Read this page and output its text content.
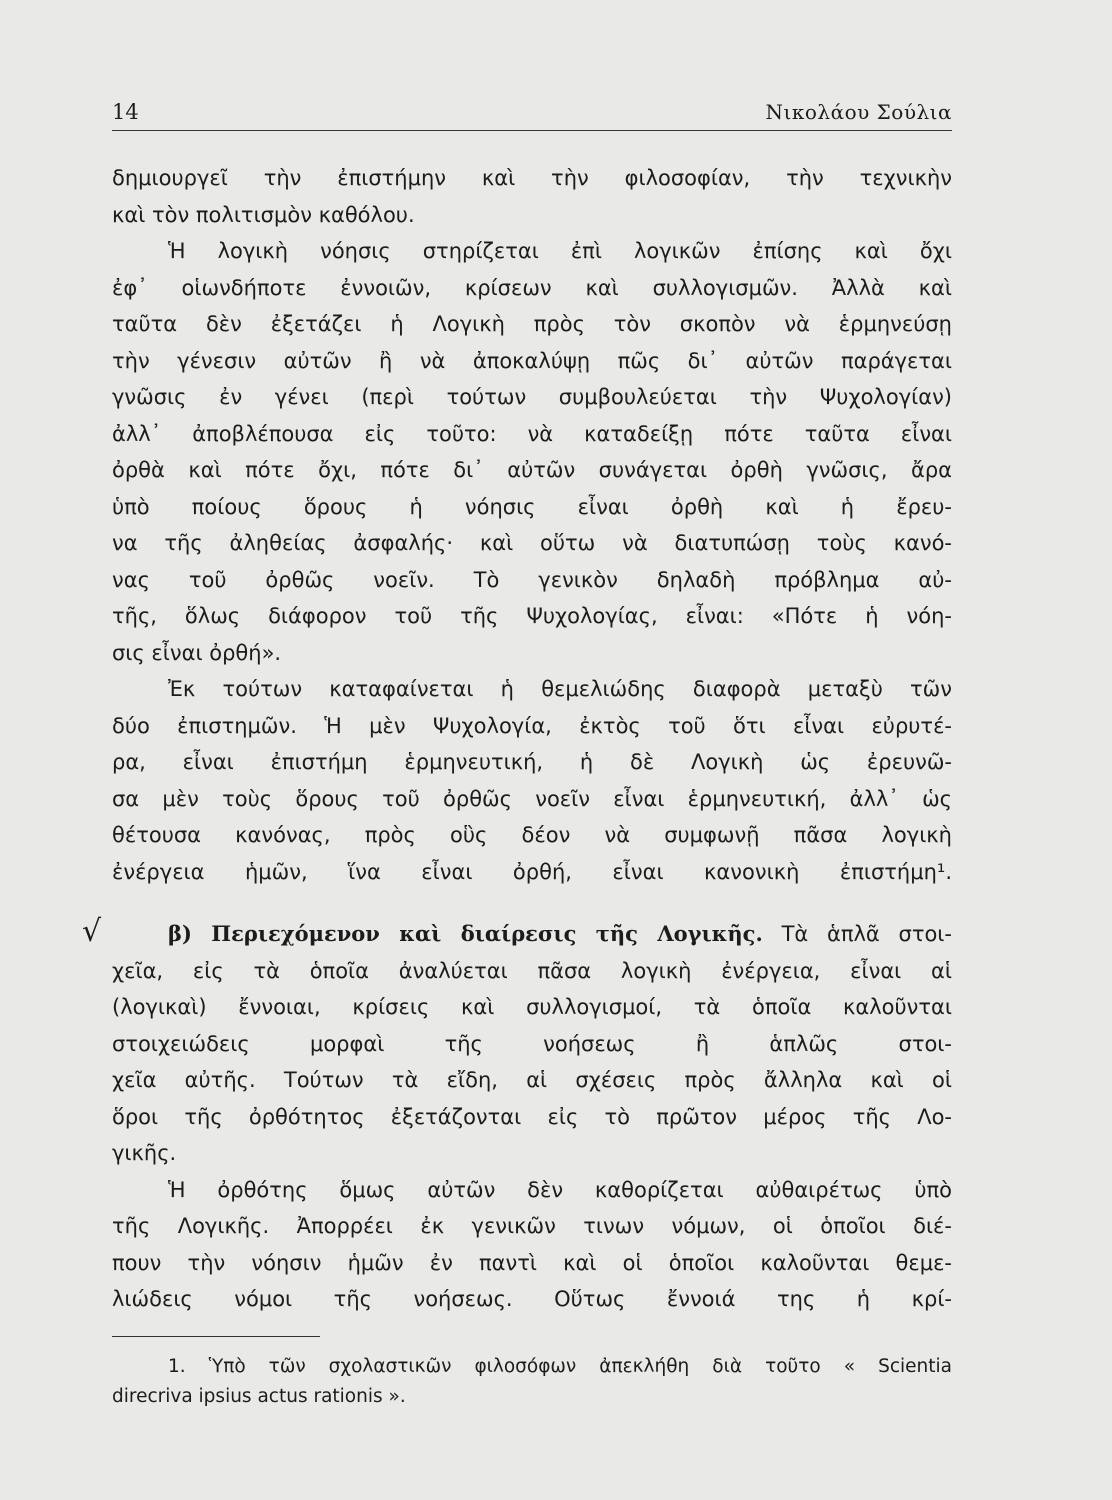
14	Νικολάου Σούλια
δημιουργεῖ τὴν ἐπιστήμην καὶ τὴν φιλοσοφίαν, τὴν τεχνικὴν
καὶ τὸν πολιτισμὸν καθόλου.
Ἡ λογικὴ νόησις στηρίζεται ἐπὶ λογικῶν ἐπίσης καὶ ὄχι
ἐφ᾽ οἱωνδήποτε ἐννοιῶν, κρίσεων καὶ συλλογισμῶν. Ἀλλὰ καὶ
ταῦτα δὲν ἐξετάζει ἡ Λογικὴ πρὸς τὸν σκοπὸν νὰ ἑρμηνεύσῃ
τὴν γένεσιν αὐτῶν ἢ νὰ ἀποκαλύψῃ πῶς δι᾽ αὐτῶν παράγεται
γνῶσις ἐν γένει (περὶ τούτων συμβουλεύεται τὴν Ψυχολογίαν)
ἀλλ᾽ ἀποβλέπουσα εἰς τοῦτο: νὰ καταδείξῃ πότε ταῦτα εἶναι
ὀρθὰ καὶ πότε ὄχι, πότε δι᾽ αὐτῶν συνάγεται ὀρθὴ γνῶσις, ἄρα
ὑπὸ ποίους ὅρους ἡ νόησις εἶναι ὀρθὴ καὶ ἡ ἔρευ-
να τῆς ἀληθείας ἀσφαλής· καὶ οὕτω νὰ διατυπώσῃ τοὺς κανό-
νας τοῦ ὀρθῶς νοεῖν. Τὸ γενικὸν δηλαδὴ πρόβλημα αὐ-
τῆς, ὅλως διάφορον τοῦ τῆς Ψυχολογίας, εἶναι: «Πότε ἡ νόη-
σις εἶναι ὀρθή».
Ἐκ τούτων καταφαίνεται ἡ θεμελιώδης διαφορὰ μεταξὺ τῶν
δύο ἐπιστημῶν. Ἡ μὲν Ψυχολογία, ἐκτὸς τοῦ ὅτι εἶναι εὐρυτέ-
ρα, εἶναι ἐπιστήμη ἑρμηνευτική, ἡ δὲ Λογικὴ ὡς ἐρευνῶ-
σα μὲν τοὺς ὅρους τοῦ ὀρθῶς νοεῖν εἶναι ἑρμηνευτική, ἀλλ᾽ ὡς
θέτουσα κανόνας, πρὸς οὓς δέον νὰ συμφωνῇ πᾶσα λογικὴ
ἐνέργεια ἡμῶν, ἵνα εἶναι ὀρθή, εἶναι κανονικὴ ἐπιστήμη¹.
√	β) Περιεχόμενον καὶ διαίρεσις τῆς Λογικῆς. Τὰ ἁπλᾶ στοι-
χεῖα, εἰς τὰ ὁποῖα ἀναλύεται πᾶσα λογικὴ ἐνέργεια, εἶναι αἱ
(λογικαὶ) ἔννοιαι, κρίσεις καὶ συλλογισμοί, τὰ ὁποῖα καλοῦνται
στοιχειώδεις μορφαὶ τῆς νοήσεως ἢ ἁπλῶς στοι-
χεῖα αὐτῆς. Τούτων τὰ εἴδη, αἱ σχέσεις πρὸς ἄλληλα καὶ οἱ
ὅροι τῆς ὀρθότητος ἐξετάζονται εἰς τὸ πρῶτον μέρος τῆς Λο-
γικῆς.
Ἡ ὀρθότης ὅμως αὐτῶν δὲν καθορίζεται αὐθαιρέτως ὑπὸ
τῆς Λογικῆς. Ἀπορρέει ἐκ γενικῶν τινων νόμων, οἱ ὁποῖοι διέ-
πουν τὴν νόησιν ἡμῶν ἐν παντὶ καὶ οἱ ὁποῖοι καλοῦνται θεμε-
λιώδεις νόμοι τῆς νοήσεως. Οὕτως ἔννοιά της ἡ κρί-
1. Ὑπὸ τῶν σχολαστικῶν φιλοσόφων ἀπεκλήθη διὰ τοῦτο « Scientia
direcriva ipsius actus rationis ».
